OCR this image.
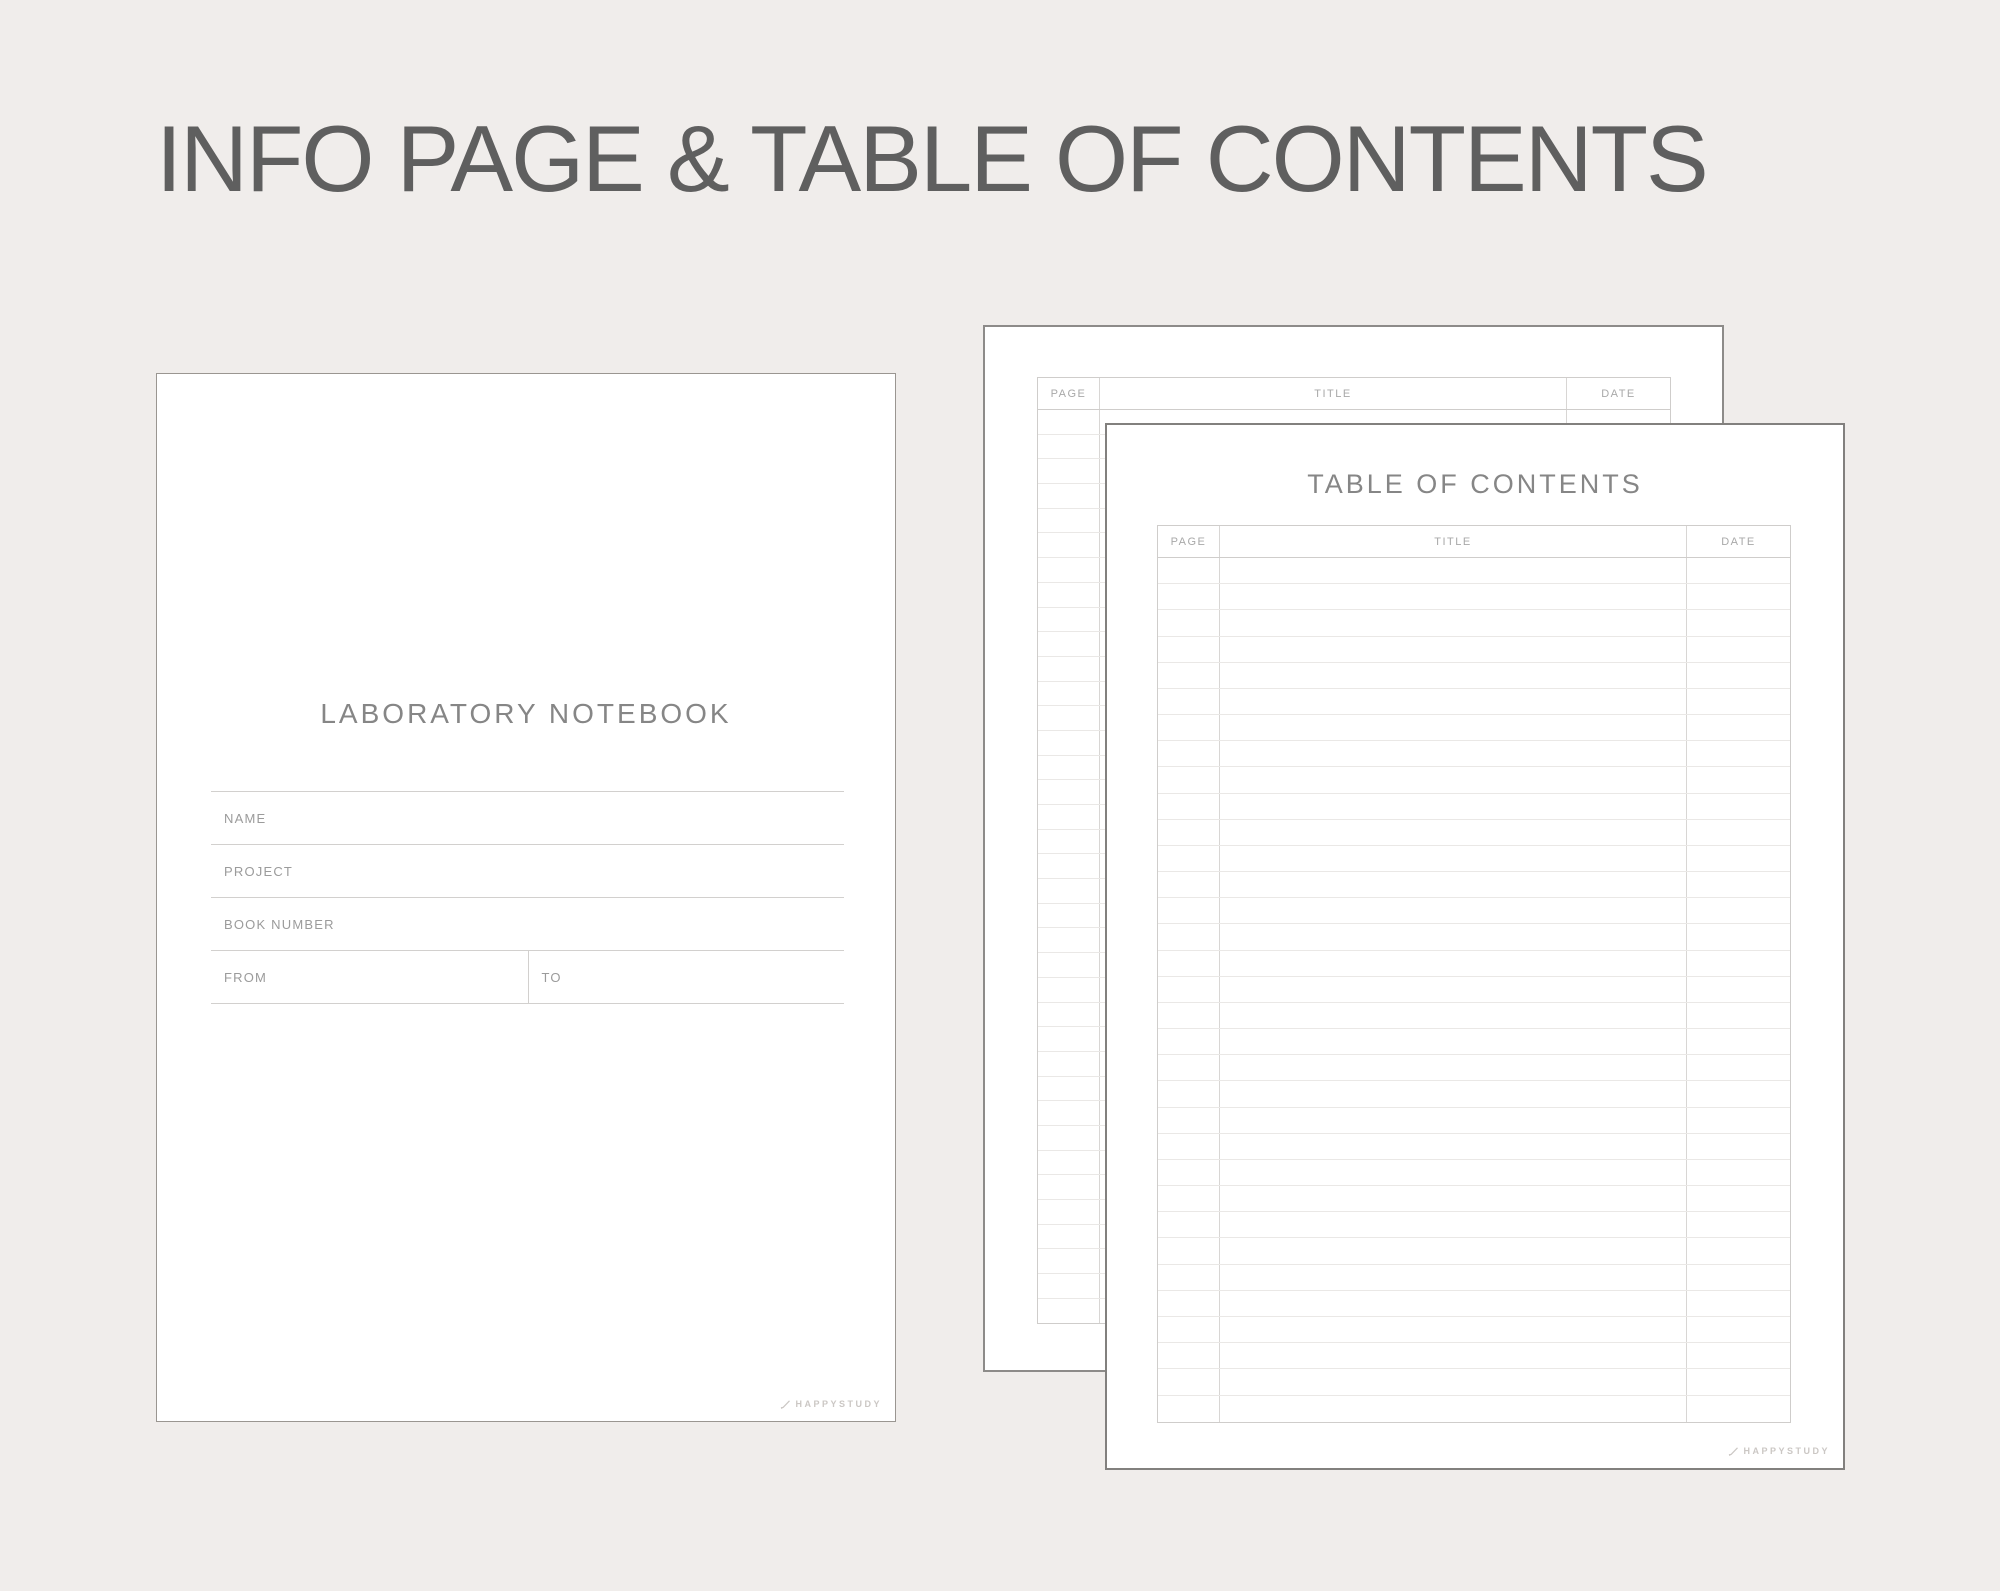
INFO PAGE & TABLE OF CONTENTS
PAGE	TITLE	DATE
TABLE OF CONTENTS
PAGE	TITLE	DATE
HAPPYSTUDY
LABORATORY NOTEBOOK
NAME
PROJECT
BOOK NUMBER
FROM	TO
HAPPYSTUDY
